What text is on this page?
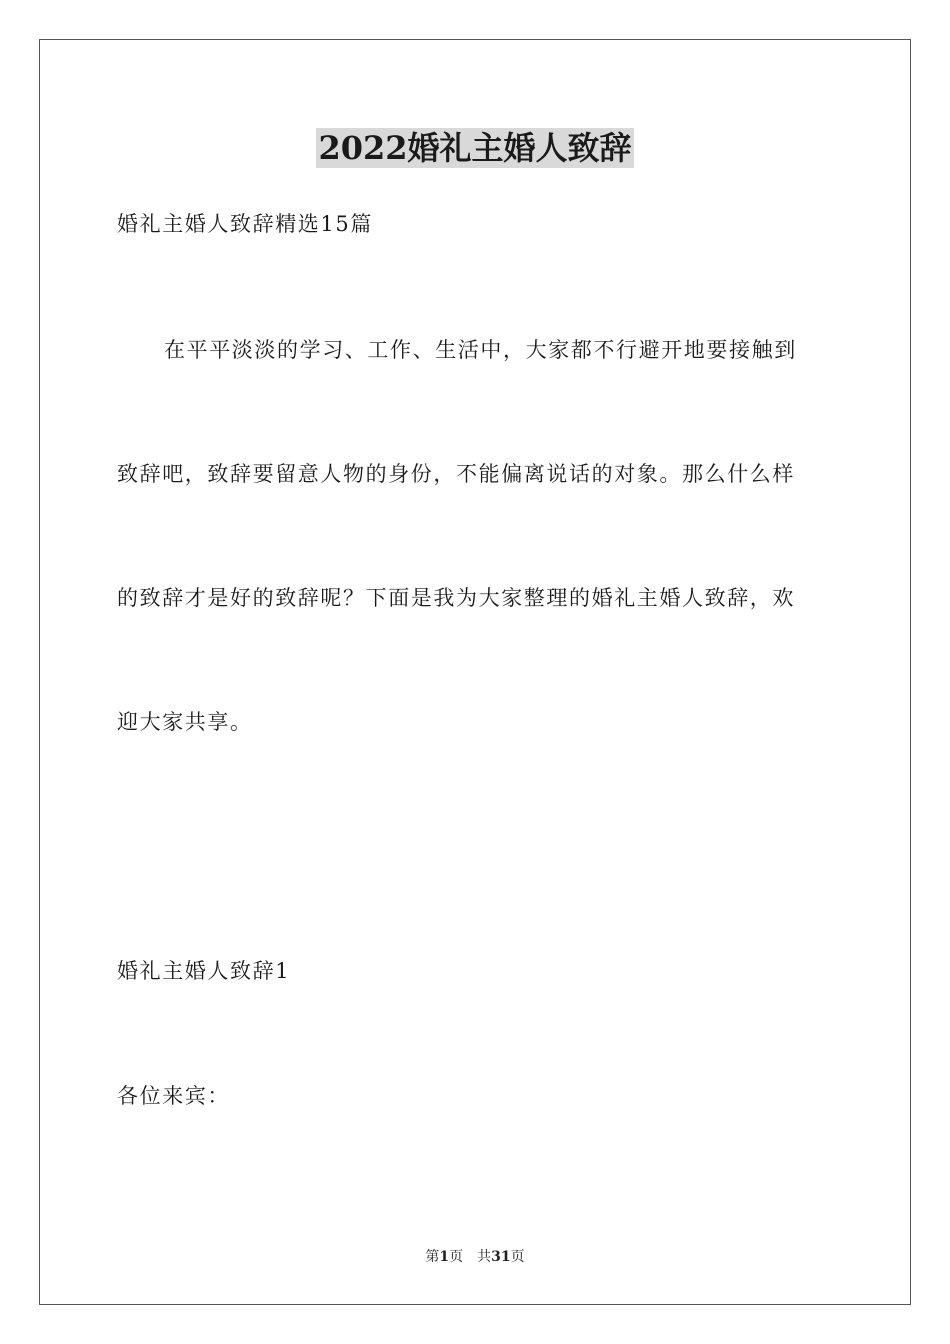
2022婚礼主婚人致辞
婚礼主婚人致辞精选15篇
在平平淡淡的学习、工作、生活中，大家都不行避开地要接触到
致辞吧，致辞要留意人物的身份，不能偏离说话的对象。那么什么样
的致辞才是好的致辞呢？下面是我为大家整理的婚礼主婚人致辞，欢
迎大家共享。
婚礼主婚人致辞1
各位来宾：
第1页　共31页
